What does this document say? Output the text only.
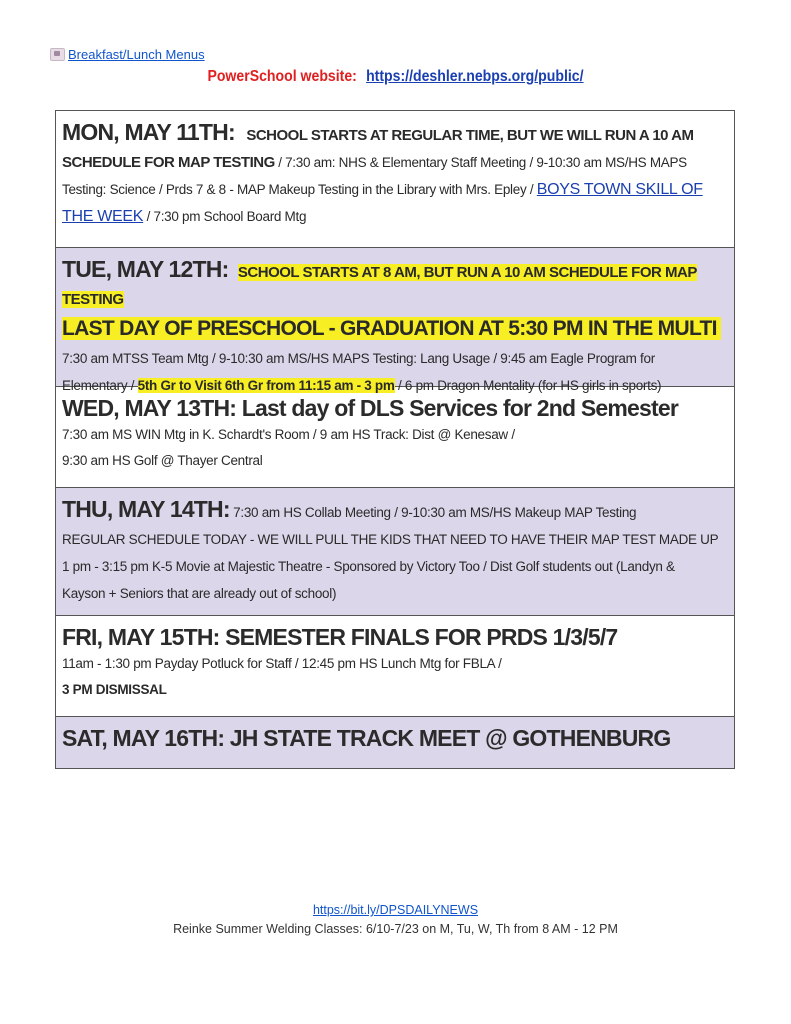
Breakfast/Lunch Menus
PowerSchool website: https://deshler.nebps.org/public/
MON, MAY 11TH: SCHOOL STARTS AT REGULAR TIME, BUT WE WILL RUN A 10 AM
SCHEDULE FOR MAP TESTING / 7:30 am: NHS & Elementary Staff Meeting / 9-10:30 am MS/HS MAPS
Testing: Science / Prds 7 & 8 - MAP Makeup Testing in the Library with Mrs. Epley / BOYS TOWN SKILL OF THE WEEK / 7:30 pm School Board Mtg
TUE, MAY 12TH: SCHOOL STARTS AT 8 AM, BUT RUN A 10 AM SCHEDULE FOR MAP TESTING
LAST DAY OF PRESCHOOL - GRADUATION AT 5:30 PM IN THE MULTI
7:30 am MTSS Team Mtg / 9-10:30 am MS/HS MAPS Testing: Lang Usage / 9:45 am Eagle Program for
Elementary / 5th Gr to Visit 6th Gr from 11:15 am - 3 pm / 6 pm Dragon Mentality (for HS girls in sports)
WED, MAY 13TH: Last day of DLS Services for 2nd Semester
7:30 am MS WIN Mtg in K. Schardt's Room / 9 am HS Track: Dist @ Kenesaw /
9:30 am HS Golf @ Thayer Central
THU, MAY 14TH: 7:30 am HS Collab Meeting / 9-10:30 am MS/HS Makeup MAP Testing
REGULAR SCHEDULE TODAY - WE WILL PULL THE KIDS THAT NEED TO HAVE THEIR MAP TEST MADE UP
1 pm - 3:15 pm K-5 Movie at Majestic Theatre - Sponsored by Victory Too / Dist Golf students out (Landyn &
Kayson + Seniors that are already out of school)
FRI, MAY 15TH: SEMESTER FINALS FOR PRDS 1/3/5/7
11am - 1:30 pm Payday Potluck for Staff / 12:45 pm HS Lunch Mtg for FBLA /
3 PM DISMISSAL
SAT, MAY 16TH: JH STATE TRACK MEET @ GOTHENBURG
https://bit.ly/DPSDAILYNEWS
Reinke Summer Welding Classes: 6/10-7/23 on M, Tu, W, Th from 8 AM - 12 PM
